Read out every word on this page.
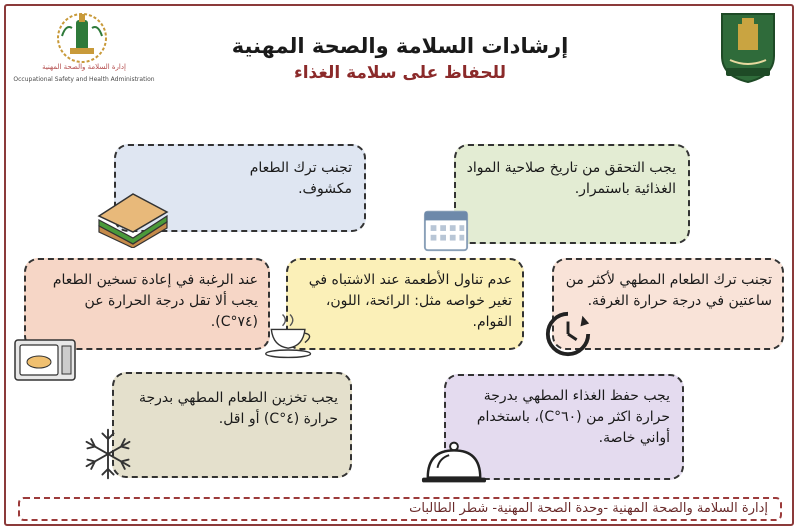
إدارة السلامة والصحة المهنية
Occupational Safety and Health Administration
إرشادات السلامة والصحة المهنية
للحفاظ على سلامة الغذاء
تجنب ترك الطعام مكشوف.
يجب التحقق من تاريخ صلاحية المواد الغذائية باستمرار.
عند الرغبة في إعادة تسخين الطعام يجب ألا تقل درجة الحرارة عن (٧٤°C).
عدم تناول الأطعمة عند الاشتباه في تغير خواصه مثل: الرائحة، اللون، القوام.
تجنب ترك الطعام المطهي لأكثر من ساعتين في درجة حرارة الغرفة.
يجب تخزين الطعام المطهي بدرجة حرارة (٤°C) أو اقل.
يجب حفظ الغذاء المطهي بدرجة حرارة اكثر من (٦٠°C)، باستخدام أواني خاصة.
إدارة السلامة والصحة المهنية -وحدة الصحة المهنية- شطر الطالبات
